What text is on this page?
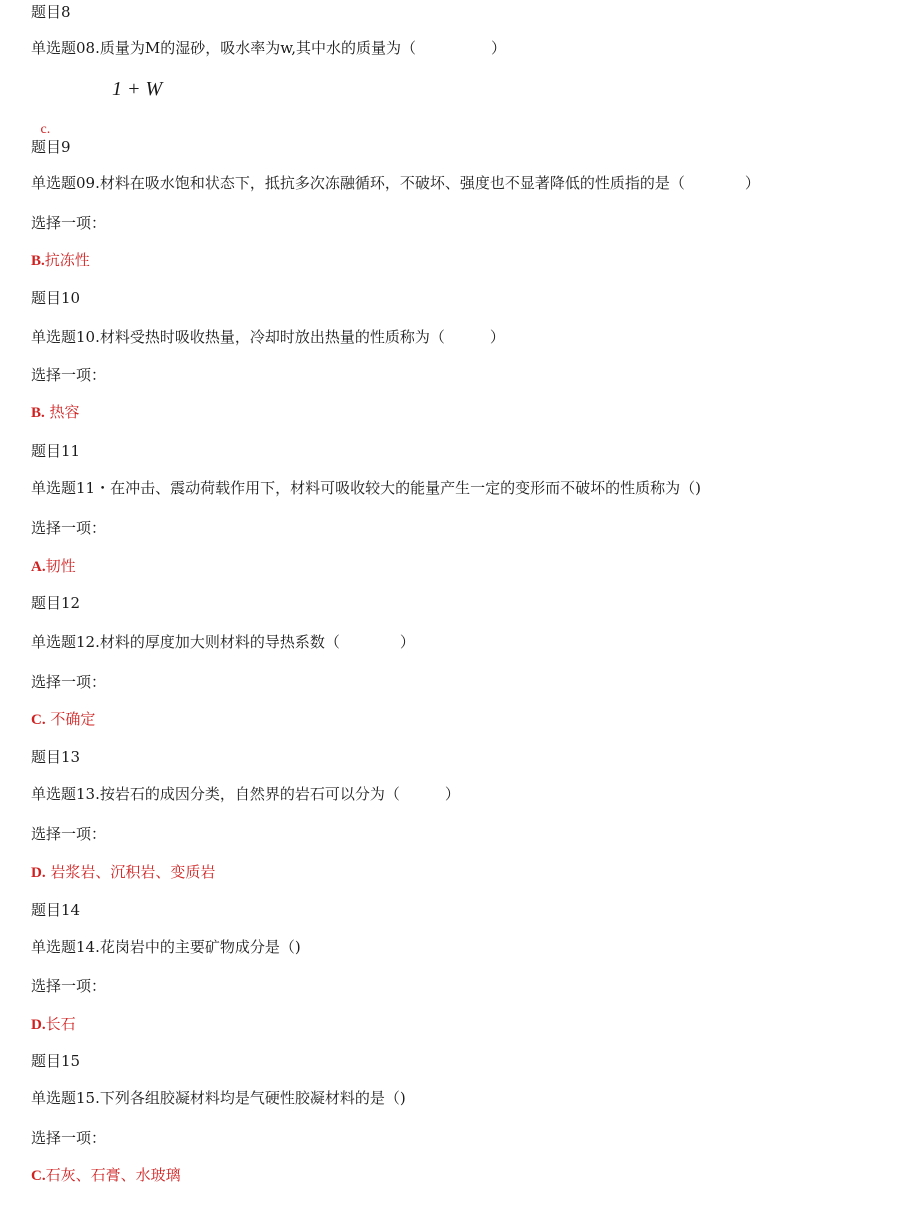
题目8
单选题08.质量为M的湿砂，吸水率为w,其中水的质量为（　　　　　）
1 + W

c.

题目9
单选题09.材料在吸水饱和状态下，抵抗多次冻融循环，不破坏、强度也不显著降低的性质指的是（　　　　）
选择一项：
B.抗冻性
题目10
单选题10.材料受热时吸收热量，冷却时放出热量的性质称为（　　　）
选择一项：
B. 热容
题目11
单选题11・在冲击、震动荷载作用下，材料可吸收较大的能量产生一定的变形而不破坏的性质称为（)
选择一项：
A.韧性
题目12
单选题12.材料的厚度加大则材料的导热系数（　　　　）
选择一项：
C. 不确定
题目13
单选题13.按岩石的成因分类，自然界的岩石可以分为（　　　）
选择一项：
D. 岩浆岩、沉积岩、变质岩
题目14
单选题14.花岗岩中的主要矿物成分是（)
选择一项：
D.长石
题目15
单选题15.下列各组胶凝材料均是气硬性胶凝材料的是（)
选择一项：
C.石灰、石膏、水玻璃
